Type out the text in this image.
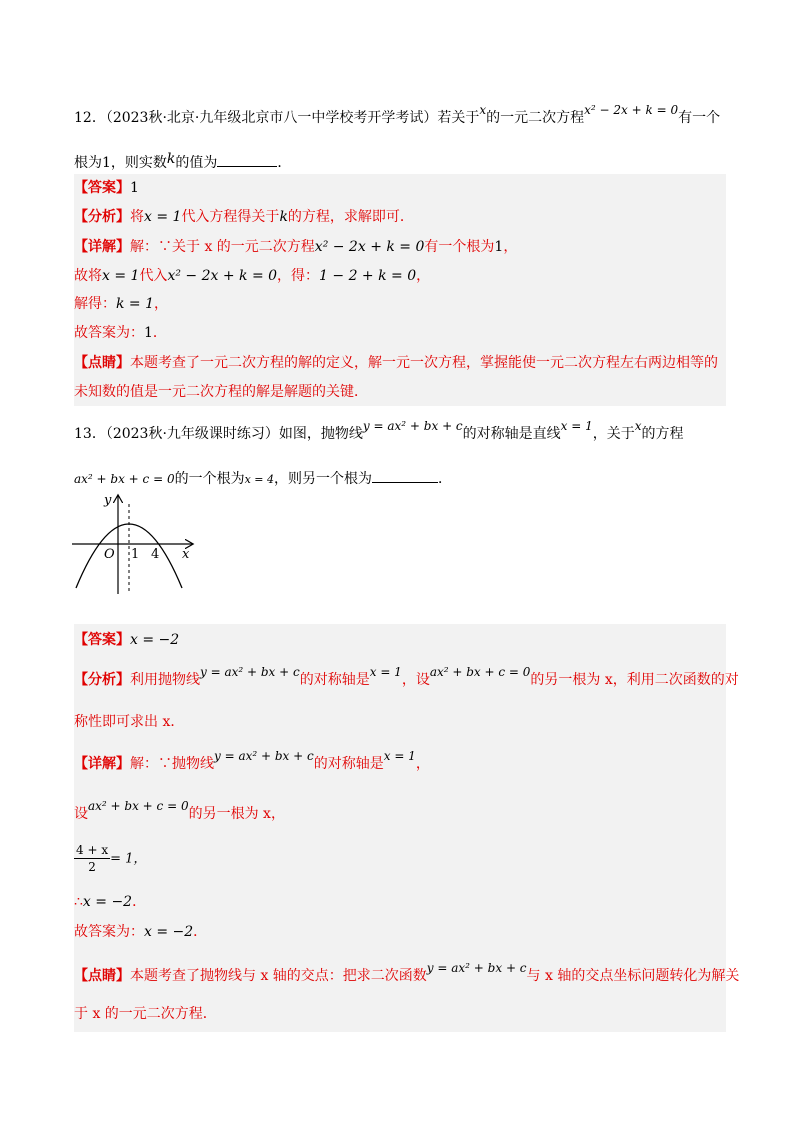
12．（2023秋·北京·九年级北京市八一中学校考开学考试）若关于x的一元二次方程x² − 2x + k = 0有一个
根为1，则实数k的值为	．
【答案】1
【分析】将x = 1代入方程得关于k的方程，求解即可．
【详解】解：∵关于 x 的一元二次方程x² − 2x + k = 0有一个根为1，
故将x = 1代入x² − 2x + k = 0，得：1 − 2 + k = 0，
解得：k = 1，
故答案为：1．
【点睛】本题考查了一元二次方程的解的定义，解一元一次方程，掌握能使一元二次方程左右两边相等的
未知数的值是一元二次方程的解是解题的关键．
13．（2023秋·九年级课时练习）如图，抛物线y = ax² + bx + c的对称轴是直线x = 1，关于x的方程
ax² + bx + c = 0的一个根为x = 4，则另一个根为	．
y
x
O 1 4
【答案】x = −2
【分析】利用抛物线y = ax² + bx + c的对称轴是x = 1，设ax² + bx + c = 0的另一根为 x，利用二次函数的对
称性即可求出 x．
【详解】解：∵抛物线y = ax² + bx + c的对称轴是x = 1，
设ax² + bx + c = 0的另一根为 x，
$\frac{4 + x}{2} = 1$，
∴x = −2．
故答案为：x = −2．
【点睛】本题考查了抛物线与 x 轴的交点：把求二次函数y = ax² + bx + c与 x 轴的交点坐标问题转化为解关
于 x 的一元二次方程．
